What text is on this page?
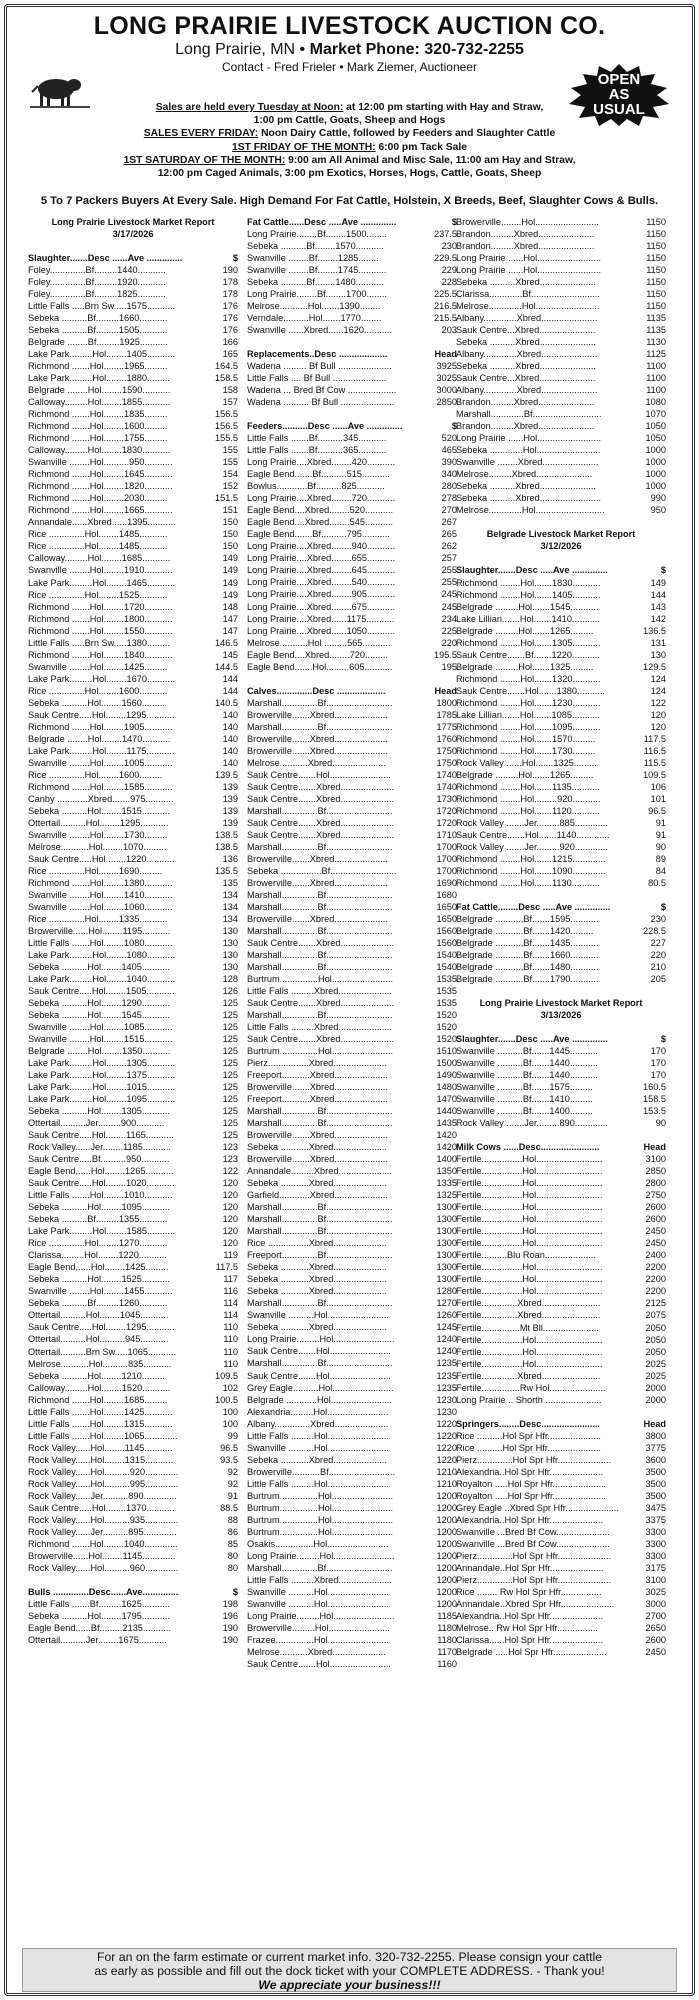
LONG PRAIRIE LIVESTOCK AUCTION CO.
Long Prairie, MN • Market Phone: 320-732-2255
Contact - Fred Frieler • Mark Ziemer, Auctioneer
OPEN
AS
USUAL
Sales are held every Tuesday at Noon: at 12:00 pm starting with Hay and Straw,
1:00 pm Cattle, Goats, Sheep and Hogs
SALES EVERY FRIDAY: Noon Dairy Cattle, followed by Feeders and Slaughter Cattle
1ST FRIDAY OF THE MONTH: 6:00 pm Tack Sale
1ST SATURDAY OF THE MONTH: 9:00 am All Animal and Misc Sale, 11:00 am Hay and Straw,
12:00 pm Caged Animals, 3:00 pm Exotics, Horses, Hogs, Cattle, Goats, Sheep
5 To 7 Packers Buyers At Every Sale. High Demand For Fat Cattle, Holstein, X Breeds, Beef, Slaughter Cows & Bulls.
Long Prairie Livestock Market Report
3/17/2026
Slaughter.......Desc ......Ave ..............	$
Foley..............Bf.........1440...........	190
Foley..............Bf.........1920...........	178
Foley..............Bf.........1825...........	178
Little Falls .....Brn Sw.....1575...........	176
Sebeka ..........Bf.........1660...........	176
Sebeka ..........Bf.........1505...........	176
Belgrade ........Bf.........1925...........	166
Lake Park.........Hol........1405...........	165
Richmond .......Hol........1965.........	164.5
Lake Park.........Hol........1880.........	158.5
Belgrade ........Hol........1590...........	158
Calloway.........Hol........1855...........	157
Richmond .......Hol........1835.........	156.5
Richmond .......Hol........1600.........	156.5
Richmond .......Hol........1755.........	155.5
Calloway.........Hol........1830...........	155
Swanville ........Hol..........950...........	155
Richmond .......Hol........1645...........	154
Richmond .......Hol........1820...........	152
Richmond .......Hol........2030.........	151.5
Richmond .......Hol........1665...........	151
Annandale......Xbred......1395...........	150
Rice ..............Hol........1485...........	150
Rice ..............Hol........1485...........	150
Calloway.........Hol........1685...........	149
Swanville ........Hol........1910...........	149
Lake Park.........Hol........1465...........	149
Rice ..............Hol........1525...........	149
Richmond .......Hol........1720...........	148
Richmond .......Hol........1800...........	147
Richmond .......Hol........1550...........	147
Little Falls .....Brn Sw.....1380.........	146.5
Richmond .......Hol........1840...........	145
Swanville ........Hol........1425.........	144.5
Lake Park.........Hol........1670...........	144
Rice ..............Hol........1600...........	144
Sebeka ..........Hol........1560.........	140.5
Sauk Centre.....Hol........1295...........	140
Richmond .......Hol........1905...........	140
Belgrade ........Hol........1470...........	140
Lake Park.........Hol........1175...........	140
Swanville ........Hol........1005...........	140
Rice ..............Hol........1600.........	139.5
Richmond .......Hol........1585...........	139
Canby ............Xbred.......975...........	139
Sebeka ..........Hol........1515...........	139
Ottertail..........Hol........1295...........	139
Swanville ........Hol........1730.........	138.5
Melrose...........Hol........1070.........	138.5
Sauk Centre.....Hol .......1220...........	136
Rice ..............Hol........1690.........	135.5
Richmond .......Hol........1380...........	135
Swanville ........Hol........1410...........	134
Swanville ........Hol........1060...........	134
Rice ..............Hol........1335...........	134
Browerville......Hol........1195...........	130
Little Falls .......Hol........1080...........	130
Lake Park.........Hol........1080...........	130
Sebeka ..........Hol........1405...........	130
Lake Park.........Hol........1040...........	128
Sauk Centre.....Hol........1505...........	126
Sebeka ..........Hol........1290...........	125
Sebeka ..........Hol........1545...........	125
Swanville ........Hol........1085...........	125
Swanville ........Hol........1515...........	125
Belgrade ........Hol........1350...........	125
Lake Park.........Hol........1305...........	125
Lake Park.........Hol........1375...........	125
Lake Park.........Hol........1015...........	125
Lake Park.........Hol........1095...........	125
Sebeka ..........Hol........1305...........	125
Ottertail..........Jer.........900...........	125
Sauk Centre.....Hol........1165...........	125
Rock Valley......Jer........1185...........	123
Sauk Centre.....Bf..........950...........	123
Eagle Bend......Hol........1265...........	122
Sauk Centre.....Hol........1020...........	120
Little Falls .......Hol........1010...........	120
Sebeka ..........Hol........1095...........	120
Sebeka ..........Bf.........1355...........	120
Lake Park.........Hol........1585...........	120
Rice ..............Hol........1270...........	120
Clarissa.........Hol........1220...........	119
Eagle Bend......Hol........1425.........	117.5
Sebeka ..........Hol........1525...........	117
Swanville ........Hol........1455...........	116
Sebeka ..........Bf.........1260...........	114
Ottertail..........Hol........1045...........	114
Sauk Centre.....Hol........1295...........	110
Ottertail..........Hol..........945...........	110
Ottertail..........Brn Sw.....1065...........	110
Melrose...........Hol..........835...........	110
Sebeka ..........Hol........1210.........	109.5
Calloway.........Hol........1520...........	102
Richmond .......Hol........1685.........	100.5
Little Falls .......Hol........1425...........	100
Little Falls .......Hol........1315...........	100
Little Falls .......Hol........1065.............	99
Rock Valley......Hol........1145...........	96.5
Rock Valley......Hol........1315...........	93.5
Rock Valley......Hol..........920.............	92
Rock Valley......Hol..........995.............	92
Rock Valley......Jer..........890.............	91
Sauk Centre.....Hol........1370...........	88.5
Rock Valley......Hol..........935.............	88
Rock Valley......Jer..........895.............	86
Richmond .......Hol........1040.............	85
Browerville......Hol........1145.............	80
Rock Valley......Hol..........960.............	80
Bulls ..............Desc......Ave..............	$
Little Falls .......Bf.........1625...........	198
Sebeka ..........Hol........1795...........	196
Eagle Bend......Bf.........2135...........	190
Ottertail..........Jer........1675...........	190
Fat Cattle......Desc .....Ave ..............	$
Long Prairie........Bf........1500........	237.5
Sebeka ..........Bf........1570...........	230
Swanville ........Bf........1285........	229.5
Swanville ........Bf........1745...........	229
Sebeka ..........Bf........1480...........	228
Long Prairie........Bf........1700........	225.5
Melrose...........Hol.......1390........	216.5
Verndale..........Hol.......1770........	215.5
Swanville ......Xbred......1620...........	203
Replacements..Desc ...................	Head
Wadena ......... Bf Bull .....................	3925
Little Falls .... Bf Bull .....................	3025
Wadena ... Bred Bf Cow ...................	3000
Wadena .......... Bf Bull .....................	2850
Feeders..........Desc ......Ave ..............	$
Little Falls .......Bf..........345...........	520
Little Falls .......Bf..........365...........	465
Long Prairie....Xbred........420...........	390
Eagle Bend.......Bf..........515...........	340
Bowlus............Bf..........825...........	280
Long Prairie....Xbred........720...........	278
Eagle Bend....Xbred........520...........	270
Eagle Bend....Xbred........545...........	267
Eagle Bend.......Bf..........795...........	265
Long Prairie....Xbred........940...........	262
Long Prairie....Xbred........655...........	257
Long Prairie....Xbred........645...........	255
Long Prairie....Xbred........540...........	255
Long Prairie....Xbred........905...........	245
Long Prairie....Xbred........675...........	245
Long Prairie....Xbred......1175...........	234
Long Prairie....Xbred......1050...........	225
Melrose...........Hol .........565...........	220
Eagle Bend....Xbred........720.........	195.5
Eagle Bend.......Hol.........605...........	195
Calves..............Desc ...................	Head
Marshall..............Bf..........................	1800
Browerville.......Xbred.....................	1785
Marshall..............Bf..........................	1775
Browerville.......Xbred.....................	1760
Browerville.......Xbred.....................	1750
Melrose...........Xbred.....................	1750
Sauk Centre.......Hol........................	1740
Sauk Centre.......Xbred.....................	1740
Sauk Centre.......Xbred.....................	1730
Marshall..............Bf..........................	1720
Sauk Centre.......Xbred.....................	1720
Sauk Centre.......Xbred.....................	1710
Marshall..............Bf..........................	1700
Browerville.......Xbred.....................	1700
Sebeka ................Bf..........................	1700
Browerville.......Xbred.....................	1690
Marshall..............Bf..........................	1680
Marshall..............Bf..........................	1650
Browerville.......Xbred.....................	1650
Marshall..............Bf..........................	1560
Sauk Centre.......Xbred.....................	1560
Marshall..............Bf..........................	1540
Marshall..............Bf..........................	1540
Burtrum...............Hol........................	1535
Little Falls .........Xbred.....................	1535
Sauk Centre.......Xbred.....................	1535
Marshall..............Bf..........................	1520
Little Falls .........Xbred.....................	1520
Sauk Centre.......Xbred.....................	1520
Burtrum...............Hol........................	1510
Pierz................Xbred.....................	1500
Freeport...........Xbred.....................	1490
Browerville.......Xbred.....................	1480
Freeport...........Xbred.....................	1470
Marshall..............Bf..........................	1440
Marshall..............Bf..........................	1435
Browerville.......Xbred.....................	1420
Sebeka ...........Xbred.....................	1420
Browerville.......Xbred.....................	1400
Annandale.........Xbred.....................	1350
Sebeka ...........Xbred.....................	1335
Garfield............Xbred.....................	1325
Marshall..............Bf..........................	1300
Marshall..............Bf..........................	1300
Marshall..............Bf..........................	1300
Rice ................Xbred.....................	1300
Freeport..............Bf..........................	1300
Sebeka ...........Xbred.....................	1300
Sebeka ...........Xbred.....................	1300
Sebeka ...........Xbred.....................	1280
Marshall..............Bf..........................	1270
Swanville ..........Hol........................	1260
Sebeka ...........Xbred.....................	1245
Long Prairie.........Hol........................	1240
Sauk Centre.......Hol........................	1240
Marshall..............Bf..........................	1235
Sauk Centre.......Hol........................	1235
Grey Eagle..........Hol........................	1235
Belgrade ............Hol........................	1230
Alexandria.........Hol........................	1230
Albany..............Xbred.....................	1220
Little Falls .........Hol........................	1220
Swanville ..........Hol........................	1220
Sebeka ...........Xbred.....................	1220
Browerville...........Bf..........................	1210
Little Falls .........Hol........................	1210
Burtrum...............Hol........................	1200
Burtrum...............Hol........................	1200
Burtrum...............Hol........................	1200
Burtrum...............Hol........................	1200
Osakis...............Hol........................	1200
Long Prairie.........Hol........................	1200
Marshall..............Bf..........................	1200
Little Falls .........Xbred.....................	1200
Swanville ..........Hol........................	1200
Swanville ..........Hol........................	1200
Long Prairie.........Hol........................	1185
Browerville.........Hol........................	1180
Frazee...............Hol........................	1180
Melrose...........Xbred.....................	1170
Sauk Centre.......Hol........................	1160
Browerville........Hol.........................	1150
Brandon.........Xbred......................	1150
Brandon.........Xbred......................	1150
Long Prairie ......Hol.........................	1150
Long Prairie ......Hol.........................	1150
Sebeka ..........Xbred......................	1150
Clarissa.............Bf...........................	1150
Melrose.............Hol.........................	1150
Albany.............Xbred......................	1135
Sauk Centre...Xbred......................	1135
Sebeka ..........Xbred......................	1130
Albany.............Xbred......................	1125
Sebeka ..........Xbred......................	1100
Sauk Centre...Xbred......................	1100
Albany.............Xbred......................	1100
Brandon.........Xbred......................	1080
Marshall.............Bf...........................	1070
Brandon.........Xbred......................	1050
Long Prairie ......Hol.........................	1050
Sebeka .............Hol.........................	1000
Swanville ........Xbred......................	1000
Melrose.........Xbred......................	1000
Sebeka ..........Xbred......................	1000
Sebeka ..........Xbred........................	990
Melrose.............Hol...........................	950
Belgrade Livestock Market Report
3/12/2026
Slaughter.......Desc .....Ave ..............	$
Richmond ........Hol.......1830...........	149
Richmond ........Hol.......1405...........	144
Belgrade .........Hol.......1545...........	143
Lake Lillian.......Hol.......1410...........	142
Belgrade .........Hol.......1265.........	136.5
Richmond ........Hol.......1305...........	131
Sauk Centre.......Bf.......1220...........	130
Belgrade .........Hol.......1325.........	129.5
Richmond ........Hol.......1320...........	124
Sauk Centre.......Hol.......1380...........	124
Richmond ........Hol.......1230...........	122
Lake Lillian.......Hol.......1085...........	120
Richmond ........Hol.......1095...........	120
Richmond ........Hol.......1570.........	117.5
Richmond ........Hol.......1730.........	116.5
Rock Valley ......Hol.......1325.........	115.5
Belgrade .........Hol.......1265.........	109.5
Richmond ........Hol.......1135...........	106
Richmond ........Hol.........920...........	101
Richmond ........Hol.......1120...........	96.5
Rock Valley .......Jer.........885.............	91
Sauk Centre.......Hol.......1140.............	91
Rock Valley .......Jer.........920.............	90
Richmond ........Hol.......1215.............	89
Richmond ........Hol.......1090.............	84
Richmond ........Hol.......1130...........	80.5
Fat Cattle........Desc .....Ave ..............	$
Belgrade ...........Bf.......1595...........	230
Belgrade ...........Bf.......1420.........	228.5
Belgrade ...........Bf.......1435...........	227
Belgrade ...........Bf.......1660...........	220
Belgrade ...........Bf.......1480...........	210
Belgrade ...........Bf.......1790...........	205
Long Prairie Livestock Market Report
3/13/2026
Slaughter.......Desc .....Ave ..............	$
Swanville ..........Bf.......1445...........	170
Swanville ..........Bf.......1440...........	170
Swanville ..........Bf.......1440...........	170
Swanville ..........Bf.......1575.........	160.5
Swanville ..........Bf.......1410.........	158.5
Swanville ..........Bf.......1400.........	153.5
Rock Valley .......Jer.........890.............	90
Milk Cows ......Desc.......................	Head
Fertile................Hol..........................	3100
Fertile................Hol..........................	2850
Fertile................Hol..........................	2800
Fertile................Hol..........................	2750
Fertile................Hol..........................	2600
Fertile................Hol..........................	2600
Fertile................Hol..........................	2450
Fertile................Hol..........................	2450
Fertile..........Blu Roan....................	2400
Fertile................Hol..........................	2200
Fertile................Hol..........................	2200
Fertile................Hol..........................	2200
Fertile..............Xbred.......................	2125
Fertile..............Xbred.......................	2075
Fertile...............Mt Bll......................	2050
Fertile................Hol..........................	2050
Fertile................Hol..........................	2050
Fertile................Hol..........................	2025
Fertile..............Xbred.......................	2025
Fertile...............Rw Hol......................	2000
Long Prairie .. Shorth ......................	2000
Springers........Desc.......................	Head
Rice ..........Hol Spr Hfr.....................	3800
Rice ..........Hol Spr Hfr.....................	3775
Pierz..............Hol Spr Hfr.....................	3600
Alexandria..Hol Spr Hfr.....................	3500
Royalton .....Hol Spr Hfr.....................	3500
Royalton .....Hol Spr Hfr.....................	3500
Grey Eagle ..Xbred Spr Hfr.....................	3475
Alexandria..Hol Spr Hfr.....................	3375
Swanville ...Bred Bf Cow.....................	3300
Swanville ...Bred Bf Cow.....................	3300
Pierz..............Hol Spr Hfr.....................	3300
Annandale..Hol Spr Hfr.....................	3175
Pierz..............Hol Spr Hfr.....................	3100
Rice ........ Rw Hol Spr Hfr................	3025
Annandale..Xbred Spr Hfr.....................	3000
Alexandria..Hol Spr Hfr.....................	2700
Melrose.. Rw Hol Spr Hfr................	2650
Clarissa......Hol Spr Hfr.....................	2600
Belgrade .....Hol Spr Hfr.....................	2450
For an on the farm estimate or current market info. 320-732-2255. Please consign your cattle
as early as possible and fill out the dock ticket with your COMPLETE ADDRESS. - Thank you!
We appreciate your business!!!
